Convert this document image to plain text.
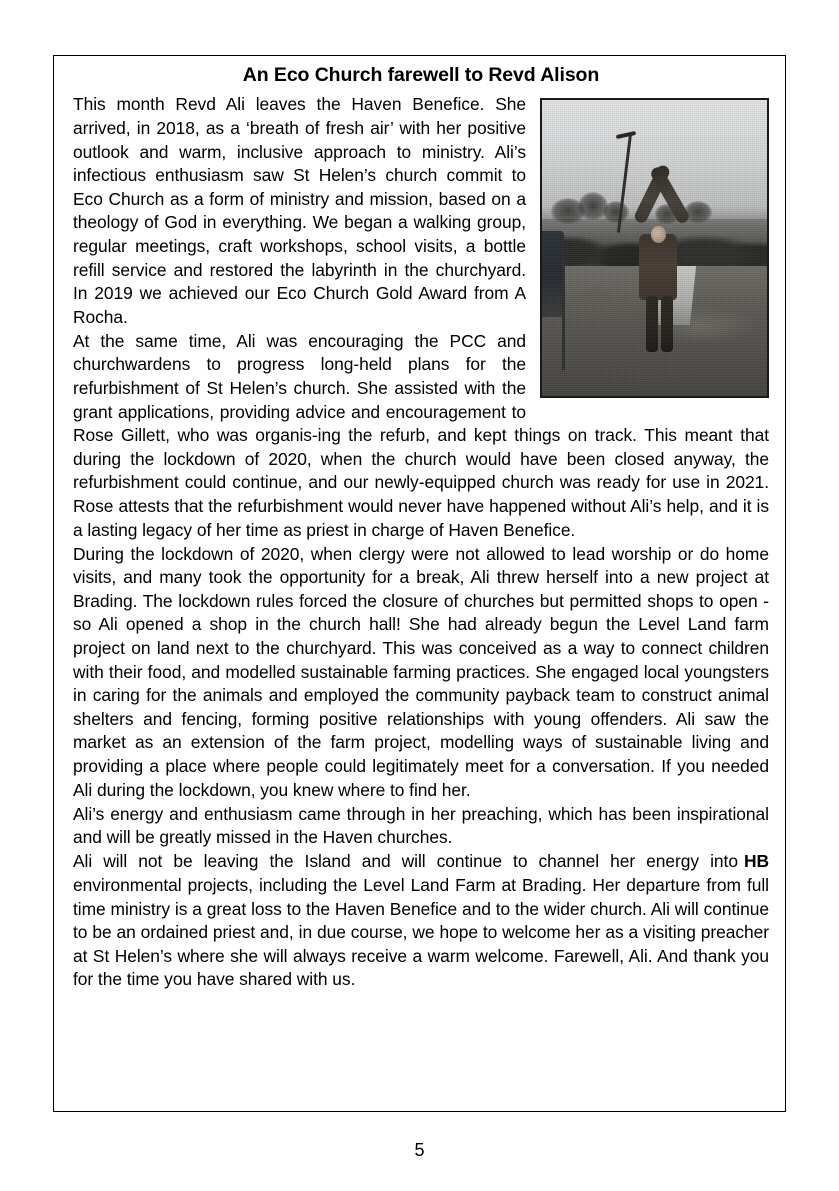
An Eco Church farewell to Revd Alison

This month Revd Ali leaves the Haven Benefice. She arrived, in 2018, as a ‘breath of fresh air’ with her positive outlook and warm, inclusive approach to ministry. Ali’s infectious enthusiasm saw St Helen’s church commit to Eco Church as a form of ministry and mission, based on a theology of God in everything. We began a walking group, regular meetings, craft workshops, school visits, a bottle refill service and restored the labyrinth in the churchyard. In 2019 we achieved our Eco Church Gold Award from A Rocha.

At the same time, Ali was encouraging the PCC and churchwardens to progress long-held plans for the refurbishment of St Helen’s church. She assisted with the grant applications, providing advice and encouragement to Rose Gillett, who was organis-ing the refurb, and kept things on track. This meant that during the lockdown of 2020, when the church would have been closed anyway, the refurbishment could continue, and our newly-equipped church was ready for use in 2021. Rose attests that the refurbishment would never have happened without Ali’s help, and it is a lasting legacy of her time as priest in charge of Haven Benefice.

During the lockdown of 2020, when clergy were not allowed to lead worship or do home visits, and many took the opportunity for a break, Ali threw herself into a new project at Brading. The lockdown rules forced the closure of churches but permitted shops to open - so Ali opened a shop in the church hall! She had already begun the Level Land farm project on land next to the churchyard. This was conceived as a way to connect children with their food, and modelled sustainable farming practices. She engaged local youngsters in caring for the animals and employed the community payback team to construct animal shelters and fencing, forming positive relationships with young offenders. Ali saw the market as an extension of the farm project, modelling ways of sustainable living and providing a place where people could legitimately meet for a conversation. If you needed Ali during the lockdown, you knew where to find her.

Ali’s energy and enthusiasm came through in her preaching, which has been inspirational and will be greatly missed in the Haven churches.

HB
Ali will not be leaving the Island and will continue to channel her energy into environmental projects, including the Level Land Farm at Brading. Her departure from full time ministry is a great loss to the Haven Benefice and to the wider church. Ali will continue to be an ordained priest and, in due course, we hope to welcome her as a visiting preacher at St Helen’s where she will always receive a warm welcome. Farewell, Ali. And thank you for the time you have shared with us.

5
